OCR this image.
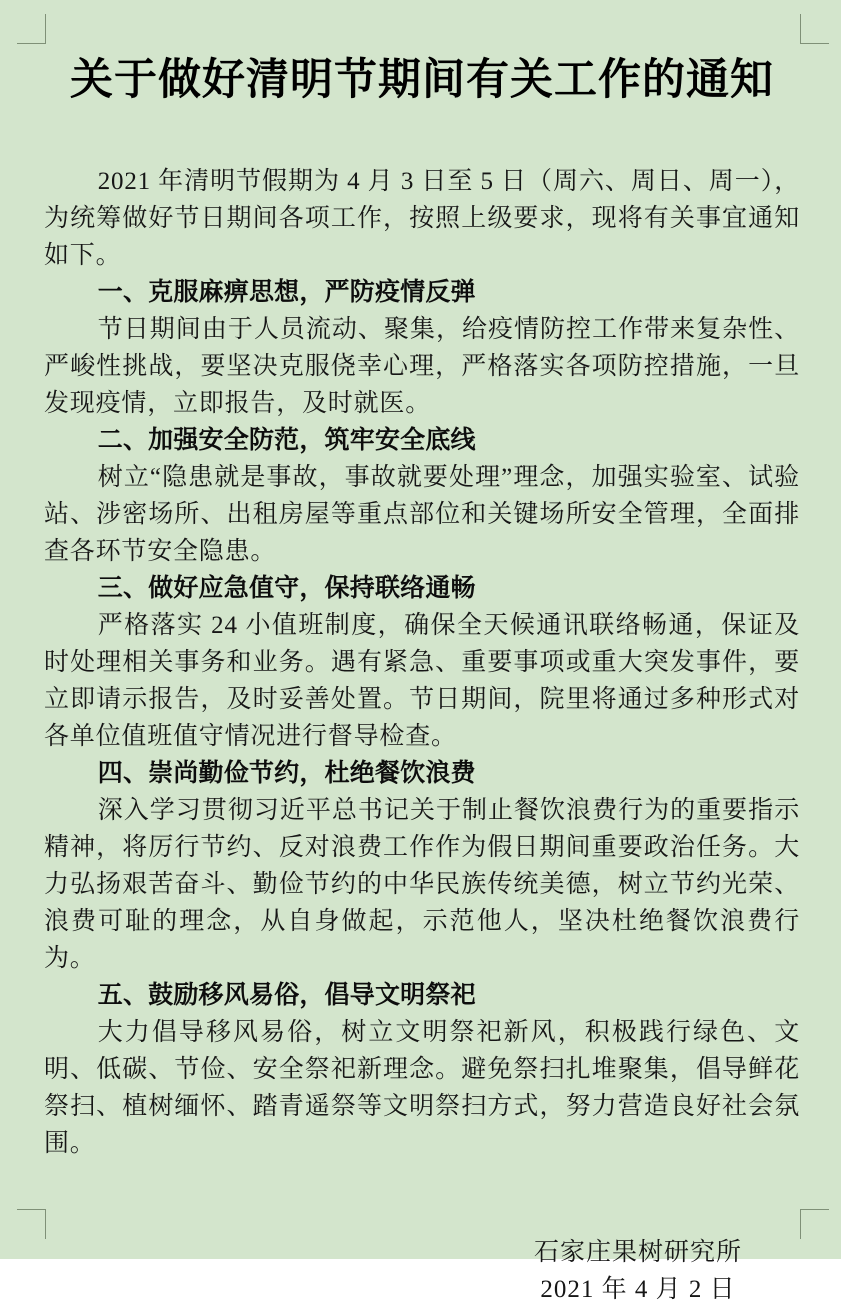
关于做好清明节期间有关工作的通知

2021 年清明节假期为 4 月 3 日至 5 日（周六、周日、周一），为统筹做好节日期间各项工作，按照上级要求，现将有关事宜通知如下。

一、克服麻痹思想，严防疫情反弹

节日期间由于人员流动、聚集，给疫情防控工作带来复杂性、严峻性挑战，要坚决克服侥幸心理，严格落实各项防控措施，一旦发现疫情，立即报告，及时就医。

二、加强安全防范，筑牢安全底线

树立“隐患就是事故，事故就要处理”理念，加强实验室、试验站、涉密场所、出租房屋等重点部位和关键场所安全管理，全面排查各环节安全隐患。

三、做好应急值守，保持联络通畅

严格落实 24 小值班制度，确保全天候通讯联络畅通，保证及时处理相关事务和业务。遇有紧急、重要事项或重大突发事件，要立即请示报告，及时妥善处置。节日期间，院里将通过多种形式对各单位值班值守情况进行督导检查。

四、崇尚勤俭节约，杜绝餐饮浪费

深入学习贯彻习近平总书记关于制止餐饮浪费行为的重要指示精神，将厉行节约、反对浪费工作作为假日期间重要政治任务。大力弘扬艰苦奋斗、勤俭节约的中华民族传统美德，树立节约光荣、浪费可耻的理念，从自身做起，示范他人，坚决杜绝餐饮浪费行为。

五、鼓励移风易俗，倡导文明祭祀

大力倡导移风易俗，树立文明祭祀新风，积极践行绿色、文明、低碳、节俭、安全祭祀新理念。避免祭扫扎堆聚集，倡导鲜花祭扫、植树缅怀、踏青遥祭等文明祭扫方式，努力营造良好社会氛围。

石家庄果树研究所

2021 年 4 月 2 日
